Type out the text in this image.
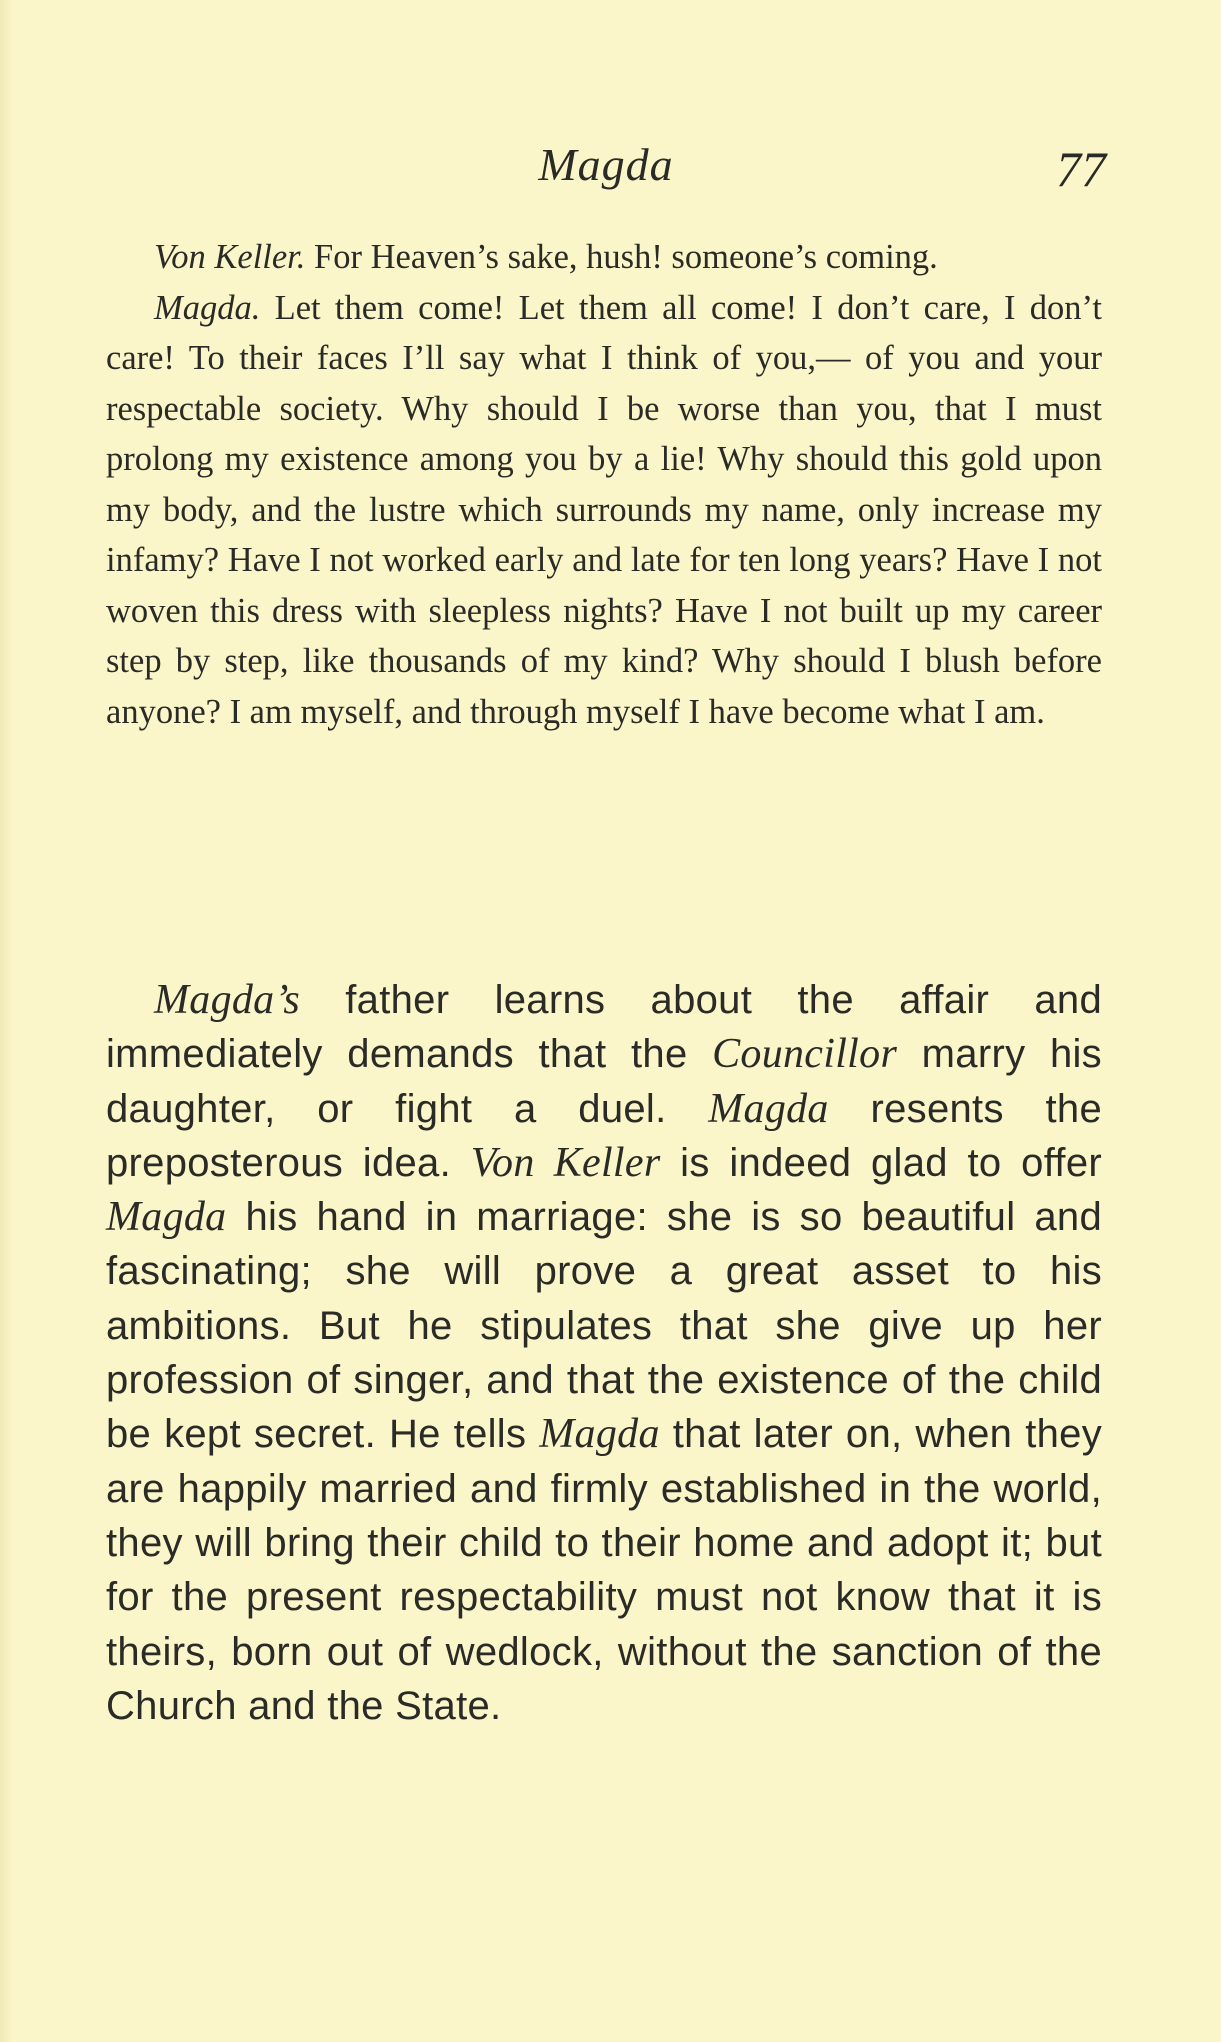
Magda	77

Von Keller. For Heaven’s sake, hush! someone’s coming.

Magda. Let them come! Let them all come! I don’t care, I don’t care! To their faces I’ll say what I think of you,— of you and your respectable society. Why should I be worse than you, that I must prolong my existence among you by a lie! Why should this gold upon my body, and the lustre which surrounds my name, only increase my infamy? Have I not worked early and late for ten long years? Have I not woven this dress with sleepless nights? Have I not built up my career step by step, like thousands of my kind? Why should I blush before anyone? I am myself, and through myself I have become what I am.

Magda’s father learns about the affair and immediately demands that the Councillor marry his daughter, or fight a duel. Magda resents the preposterous idea. Von Keller is indeed glad to offer Magda his hand in marriage: she is so beautiful and fascinating; she will prove a great asset to his ambitions. But he stipulates that she give up her profession of singer, and that the existence of the child be kept secret. He tells Magda that later on, when they are happily married and firmly established in the world, they will bring their child to their home and adopt it; but for the present respectability must not know that it is theirs, born out of wedlock, without the sanction of the Church and the State.
